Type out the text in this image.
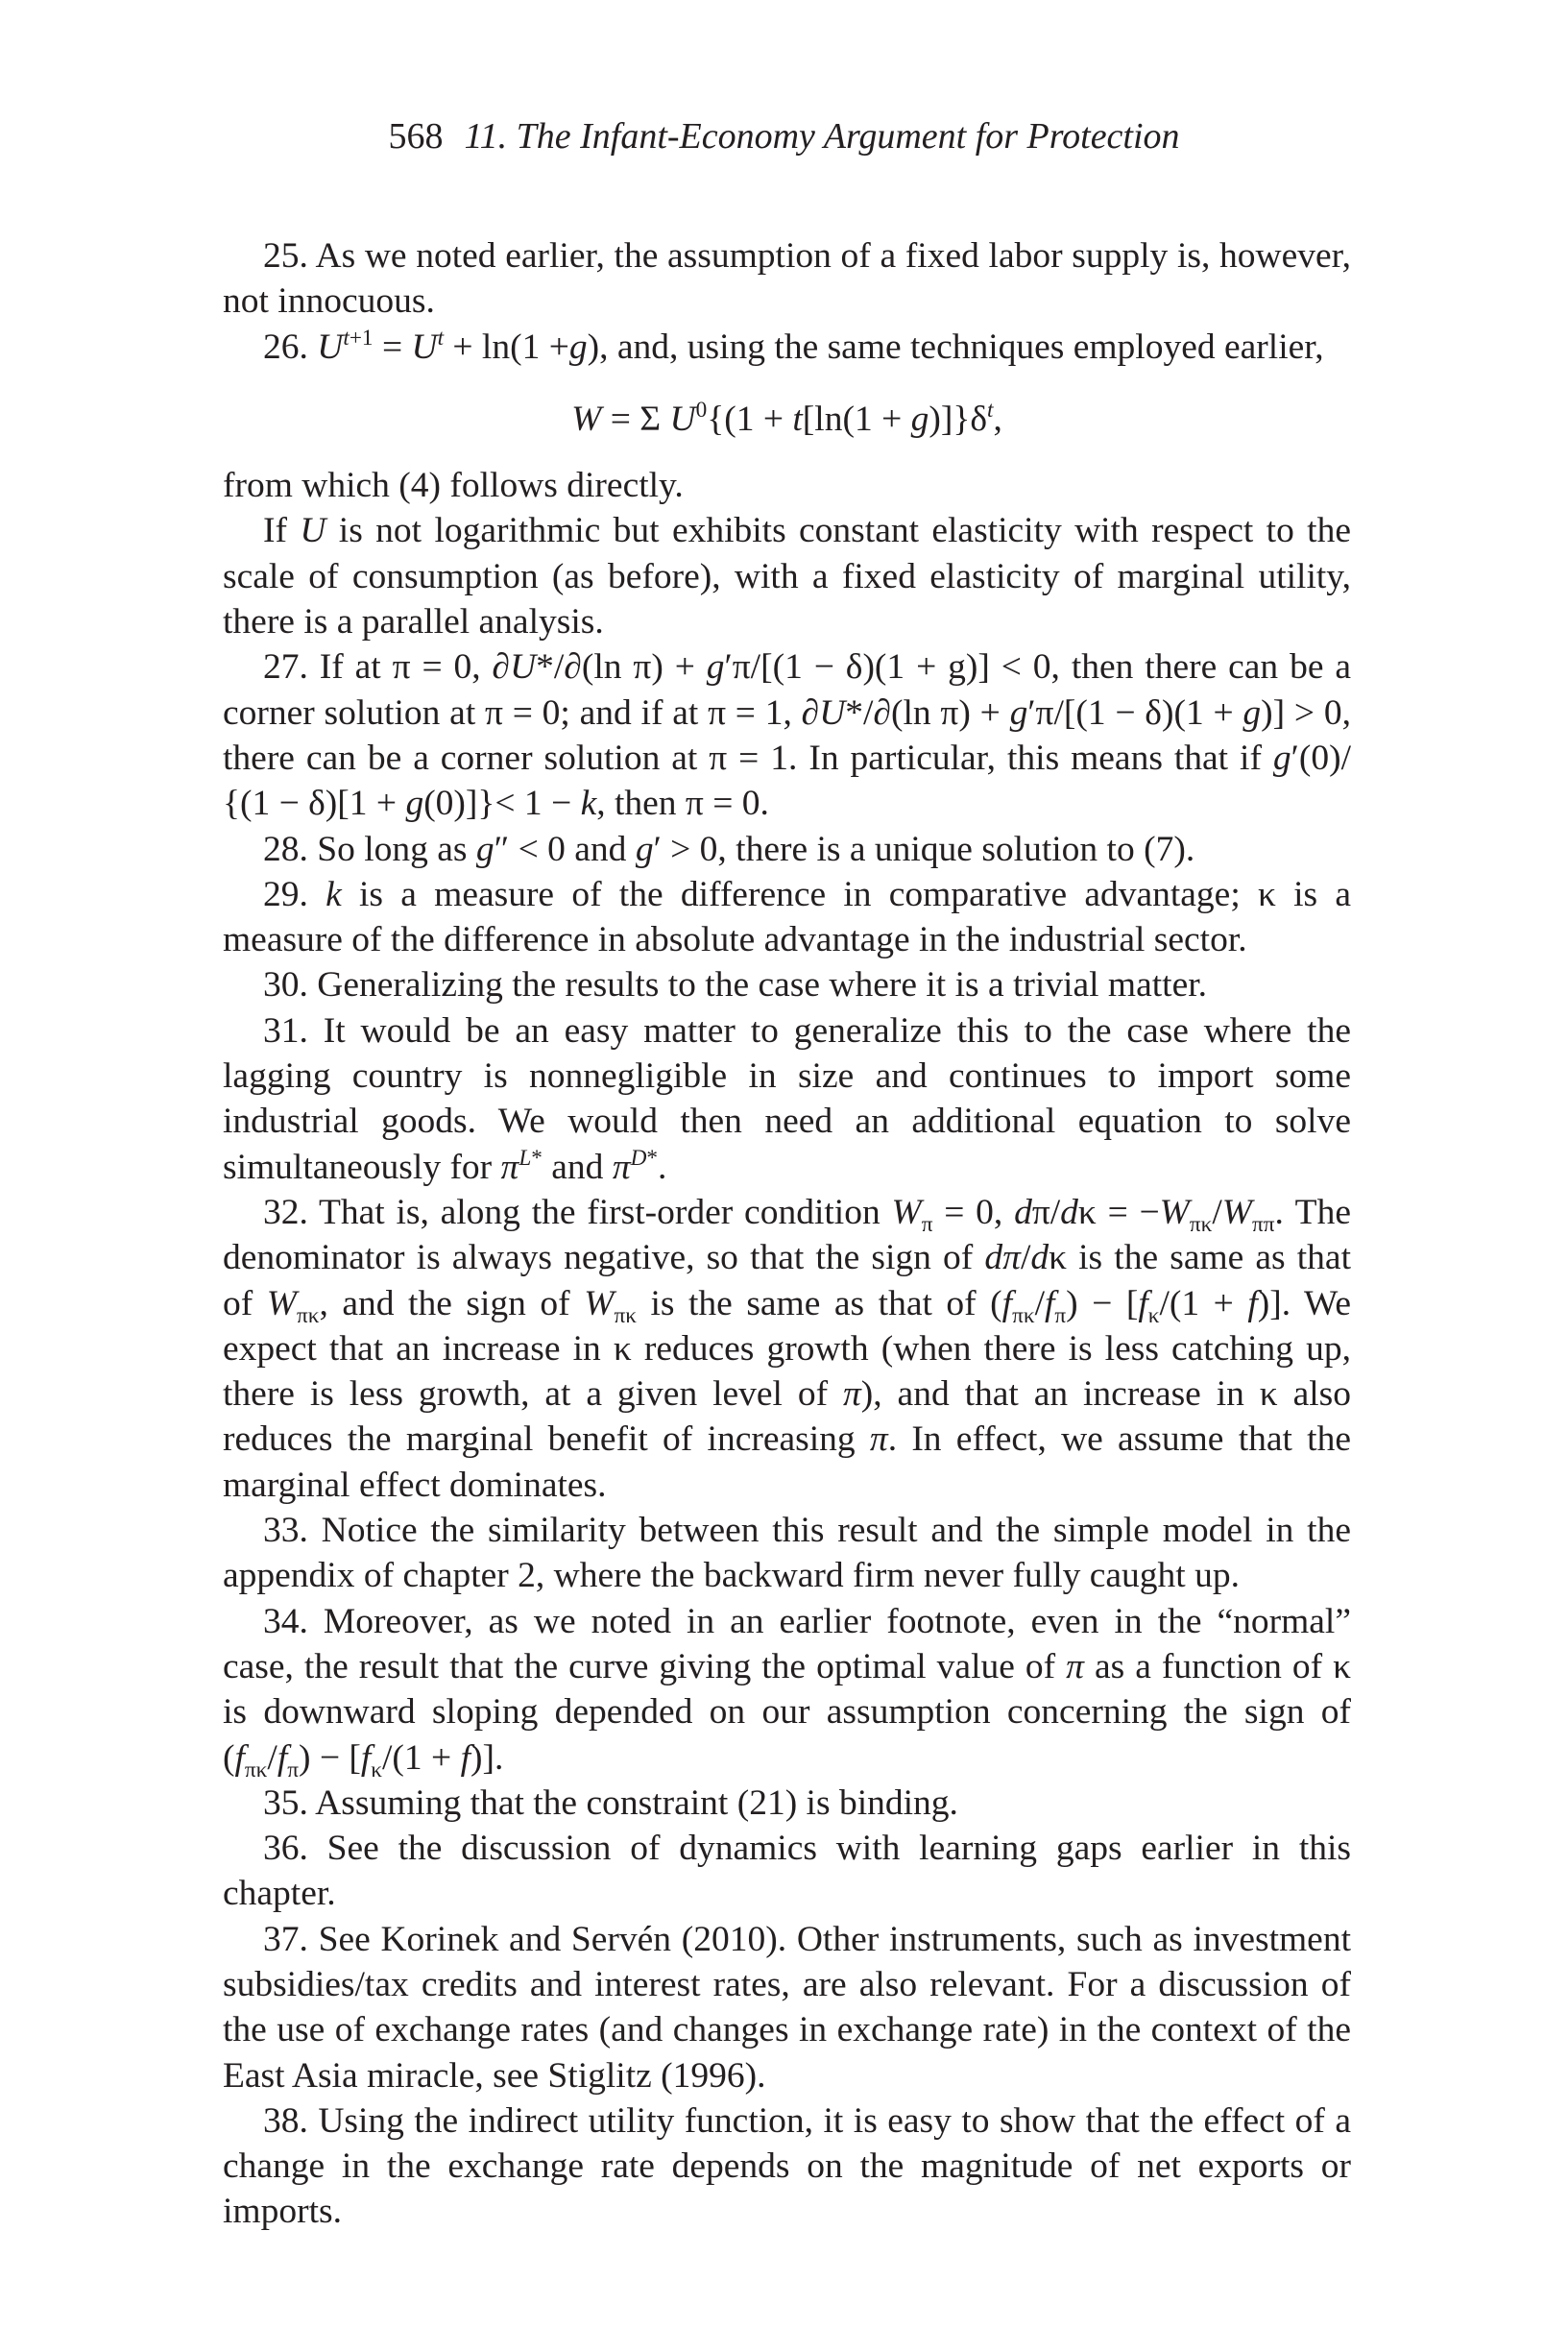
568 11. The Infant-Economy Argument for Protection

25. As we noted earlier, the assumption of a fixed labor supply is, however, not innocuous.

26. $U^{t+1} = U^t + \ln(1 +g)$, and, using the same techniques employed earlier,

W = Σ $U^0\{(1 + t[\ln(1 + g)]\}\delta^t$,

from which (4) follows directly.

If U is not logarithmic but exhibits constant elasticity with respect to the scale of consumption (as before), with a fixed elasticity of marginal utility, there is a parallel analysis.

27. If at π = 0, ∂U*/∂(ln π) + g′π/[(1 − δ)(1 + g)] < 0, then there can be a corner solution at π = 0; and if at π = 1, ∂U*/∂(ln π) + g′π/[(1 − δ)(1 + g)] > 0, there can be a corner solution at π = 1. In particular, this means that if g′(0)/ {(1 − δ)[1 + g(0)]}< 1 − k, then π = 0.

28. So long as g″ < 0 and g′ > 0, there is a unique solution to (7).

29. k is a measure of the difference in comparative advantage; κ is a measure of the difference in absolute advantage in the industrial sector.

30. Generalizing the results to the case where it is a trivial matter.

31. It would be an easy matter to generalize this to the case where the lagging country is nonnegligible in size and continues to import some industrial goods. We would then need an additional equation to solve simultaneously for $\pi^{L*}$ and $\pi^{D*}$.

32. That is, along the first-order condition $W_\pi = 0$, $d\pi/d\kappa = -W_{\pi\kappa}/W_{\pi\pi}$. The denominator is always negative, so that the sign of dπ/dκ is the same as that of $W_{\pi\kappa}$, and the sign of $W_{\pi\kappa}$ is the same as that of $(f_{\pi\kappa}/f_\pi) - [f_\kappa/(1 + f)]$. We expect that an increase in κ reduces growth (when there is less catching up, there is less growth, at a given level of π), and that an increase in κ also reduces the marginal benefit of increasing π. In effect, we assume that the marginal effect dominates.

33. Notice the similarity between this result and the simple model in the appendix of chapter 2, where the backward firm never fully caught up.

34. Moreover, as we noted in an earlier footnote, even in the “normal” case, the result that the curve giving the optimal value of π as a function of κ is downward sloping depended on our assumption concerning the sign of $(f_{\pi\kappa}/f_\pi) - [f_\kappa/(1 + f)]$.

35. Assuming that the constraint (21) is binding.

36. See the discussion of dynamics with learning gaps earlier in this chapter.

37. See Korinek and Servén (2010). Other instruments, such as investment subsidies/tax credits and interest rates, are also relevant. For a discussion of the use of exchange rates (and changes in exchange rate) in the context of the East Asia miracle, see Stiglitz (1996).

38. Using the indirect utility function, it is easy to show that the effect of a change in the exchange rate depends on the magnitude of net exports or imports.
